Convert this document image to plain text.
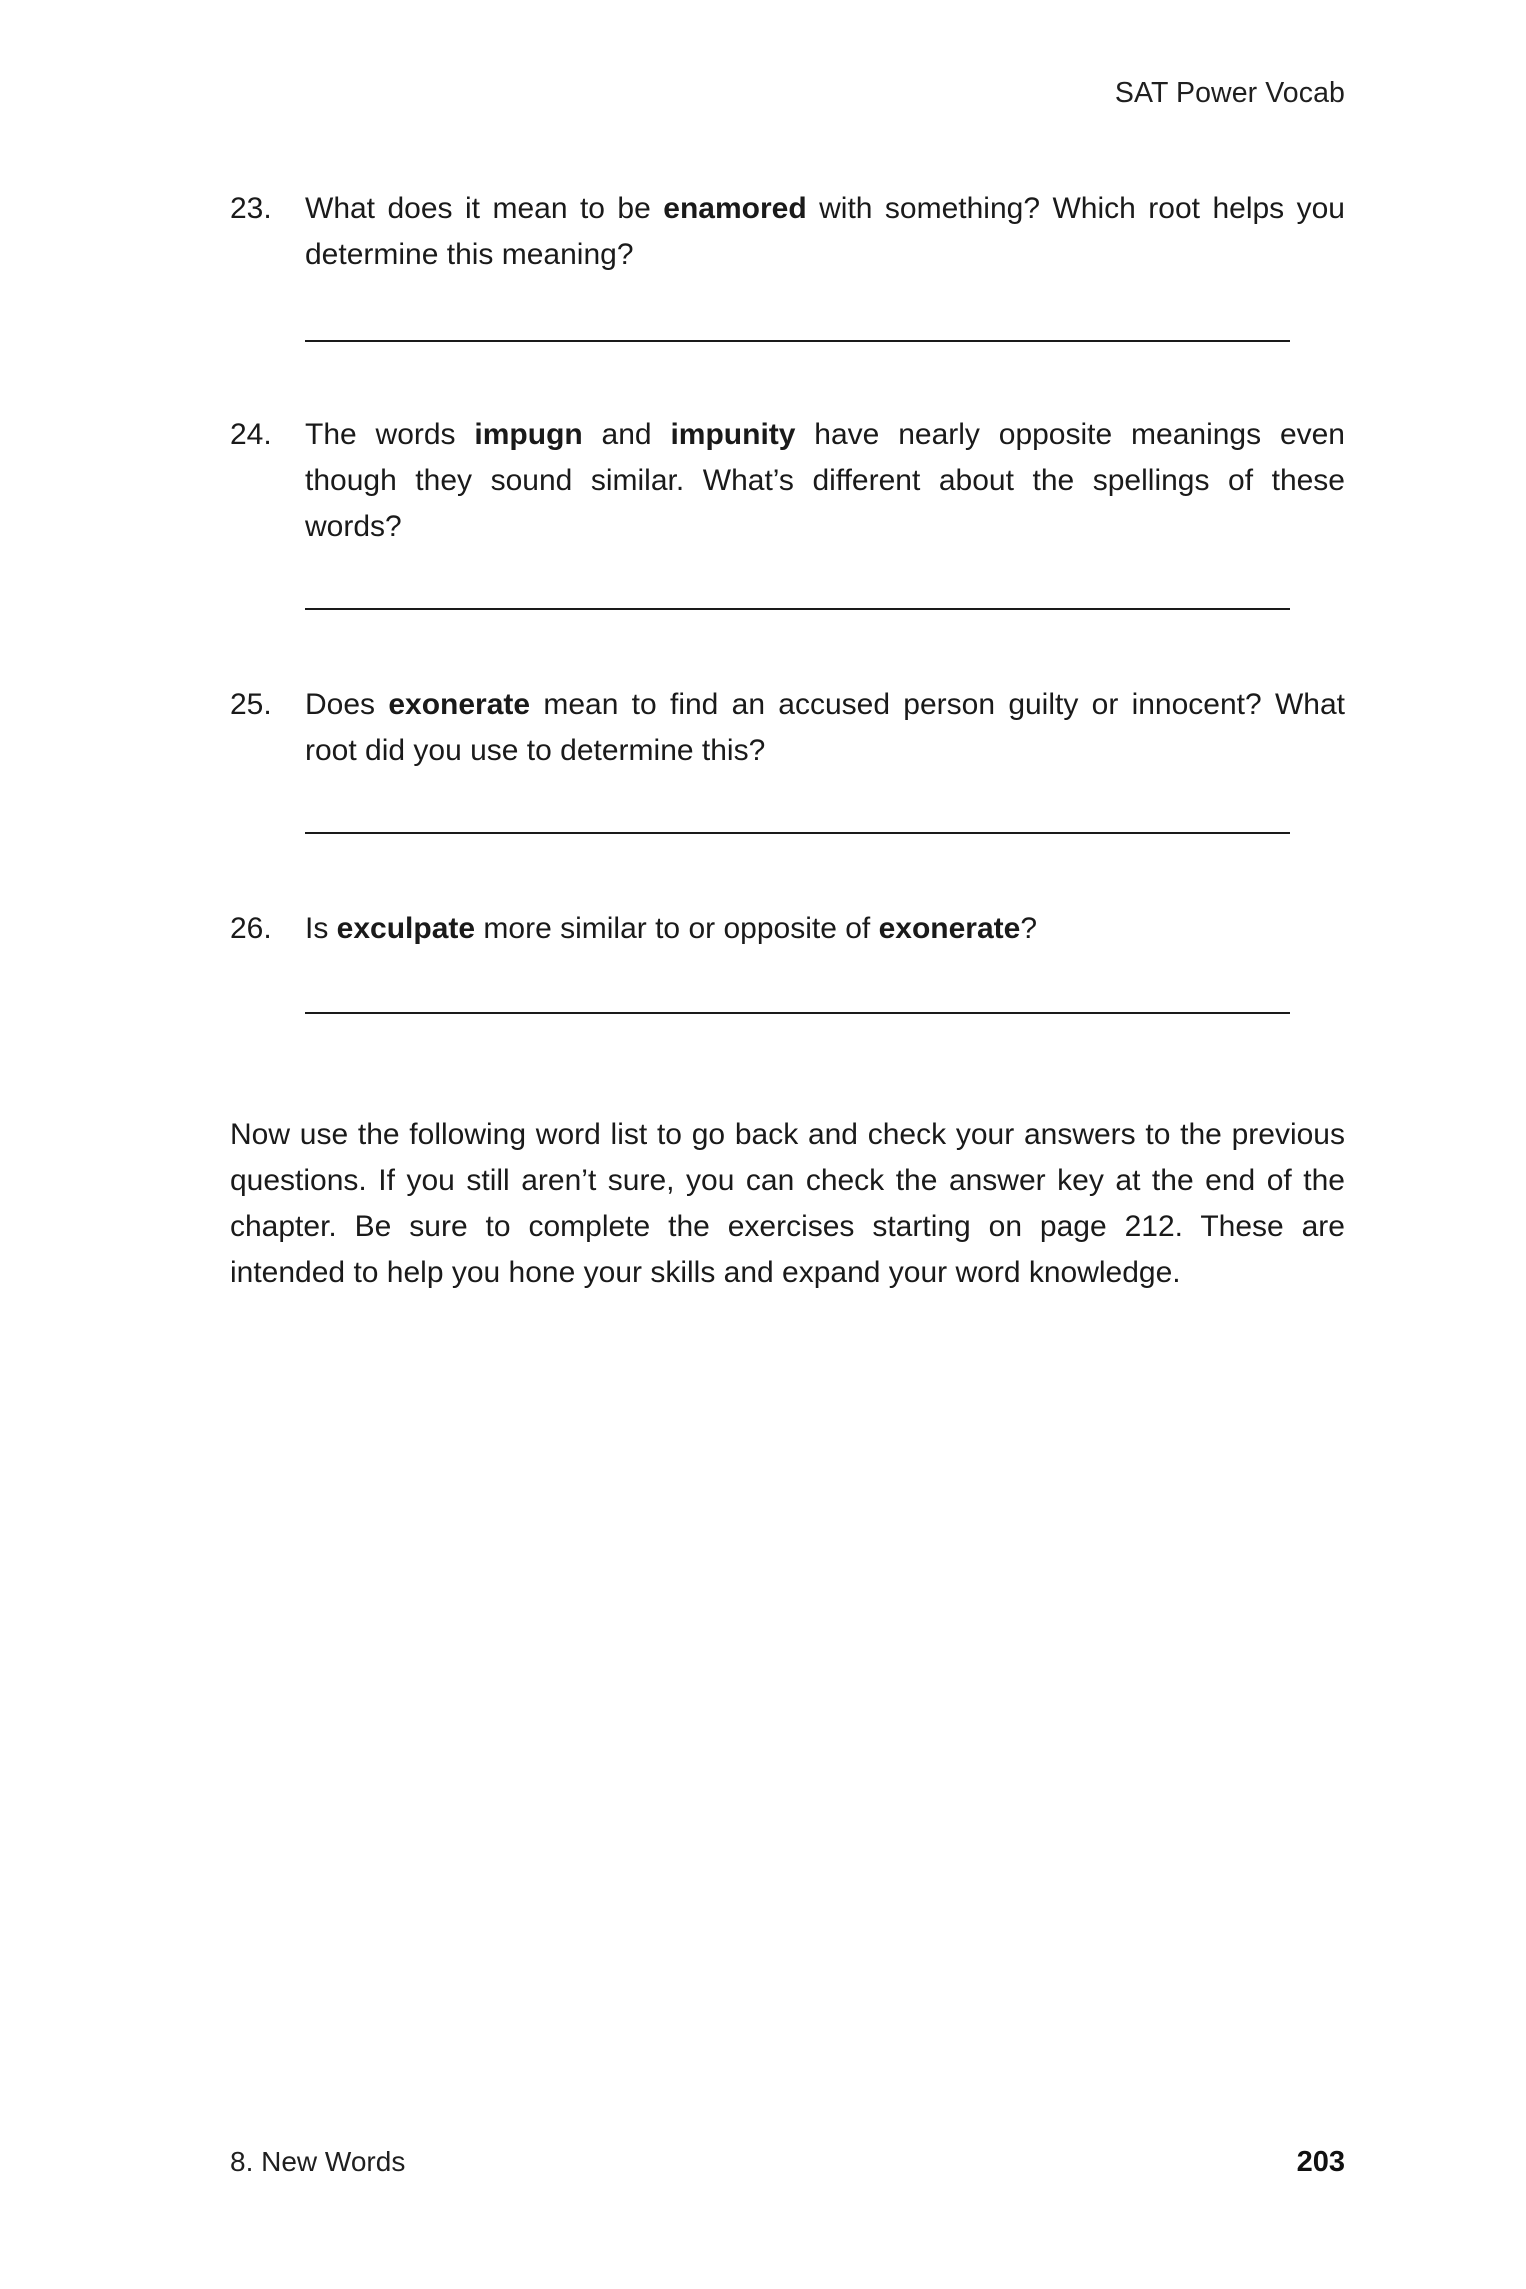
SAT Power Vocab
23.	What does it mean to be enamored with something? Which root helps you determine this meaning?
24.	The words impugn and impunity have nearly opposite meanings even though they sound similar. What’s different about the spellings of these words?
25.	Does exonerate mean to find an accused person guilty or innocent? What root did you use to determine this?
26.	Is exculpate more similar to or opposite of exonerate?
Now use the following word list to go back and check your answers to the previous questions. If you still aren’t sure, you can check the answer key at the end of the chapter. Be sure to complete the exercises starting on page 212. These are intended to help you hone your skills and expand your word knowledge.
8. New Words	203
